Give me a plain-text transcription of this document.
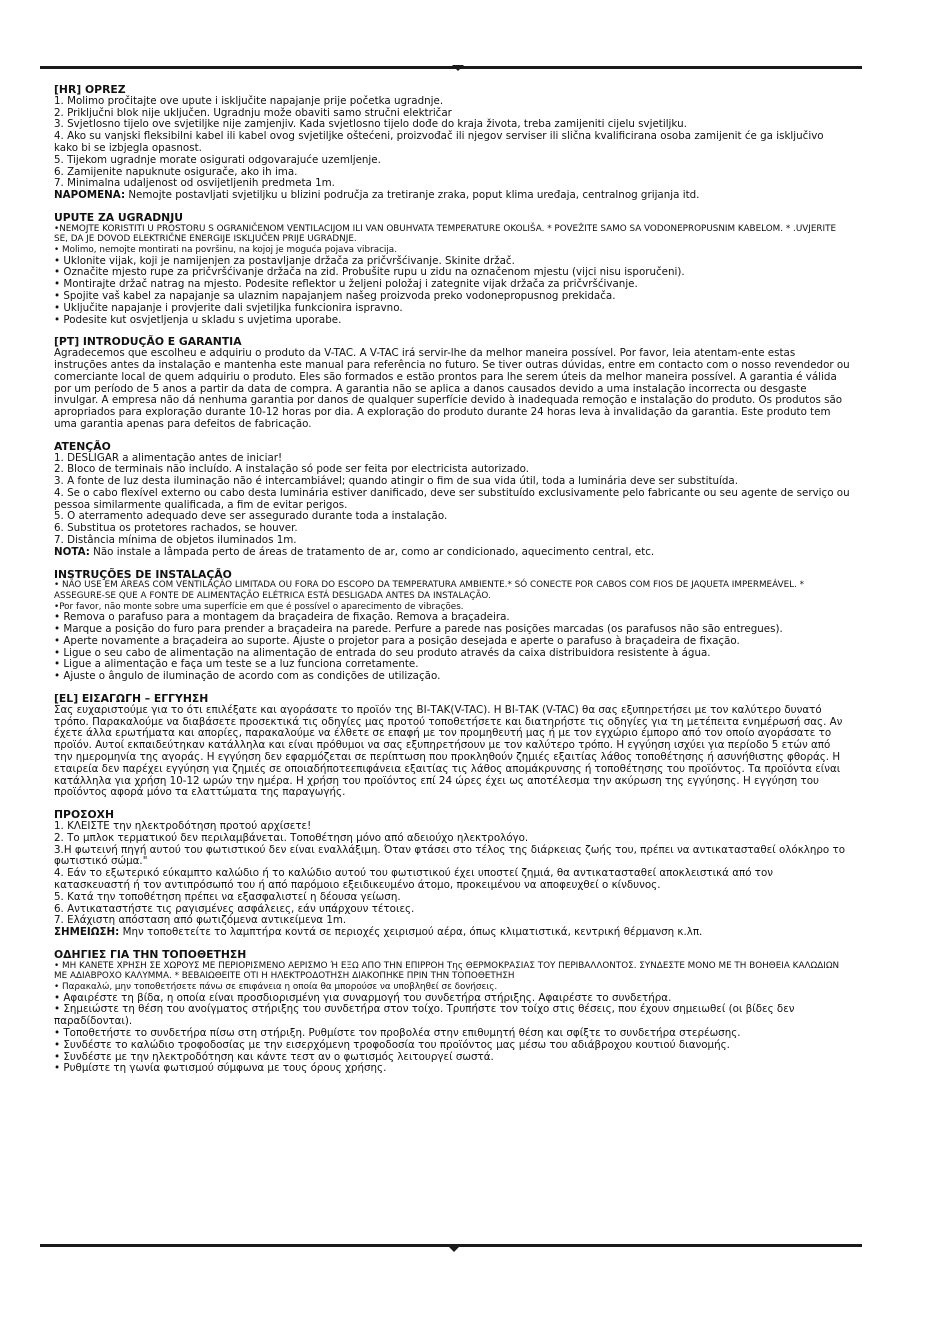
[HR] OPREZ

1. Molimo pročitajte ove upute i isključite napajanje prije početka ugradnje.

2. Priključni blok nije uključen. Ugradnju može obaviti samo stručni električar

3. Svjetlosno tijelo ove svjetiljke nije zamjenjiv. Kada svjetlosno tijelo dođe do kraja života, treba zamijeniti cijelu svjetiljku.

4. Ako su vanjski fleksibilni kabel ili kabel ovog svjetiljke oštećeni, proizvođač ili njegov serviser ili slična kvalificirana osoba zamijenit će ga isključivo kako bi se izbjegla opasnost.

5. Tijekom ugradnje morate osigurati odgovarajuće uzemljenje.

6. Zamijenite napuknute osigurače, ako ih ima.

7. Minimalna udaljenost od osvijetljenih predmeta 1m.

NAPOMENA: Nemojte postavljati svjetiljku u blizini područja za tretiranje zraka, poput klima uređaja, centralnog grijanja itd.

UPUTE ZA UGRADNJU

•NEMOJTE KORISTITI U PROSTORU S OGRANIČENOM VENTILACIJOM ILI VAN OBUHVATA TEMPERATURE OKOLIŠA. * POVEŽITE SAMO SA VODONEPROPUSNIM KABELOM. * .UVJERITE SE, DA JE DOVOD ELEKTRIČNE ENERGIJE ISKLJUČEN PRIJE UGRADNJE.

• Molimo, nemojte montirati na površinu, na kojoj je moguća pojava vibracija.

• Uklonite vijak, koji je namijenjen za postavljanje držača za pričvršćivanje. Skinite držač.

• Označite mjesto rupe za pričvršćivanje držača na zid. Probušite rupu u zidu na označenom mjestu (vijci nisu isporučeni).

• Montirajte držač natrag na mjesto. Podesite reflektor u željeni položaj i zategnite vijak držača za pričvršćivanje.

• Spojite vaš kabel za napajanje sa ulaznim napajanjem našeg proizvoda preko vodonepropusnog prekidača.

• Uključite napajanje i provjerite dali svjetiljka funkcionira ispravno.

• Podesite kut osvjetljenja u skladu s uvjetima uporabe.

[PT] INTRODUÇÃO E GARANTIA

Agradecemos que escolheu e adquiriu o produto da V-TAC. A V-TAC irá servir-lhe da melhor maneira possível. Por favor, leia atentam-ente estas instruções antes da instalação e mantenha este manual para referência no futuro. Se tiver outras dúvidas, entre em contacto com o nosso revendedor ou comerciante local de quem adquiriu o produto. Eles são formados e estão prontos para lhe serem úteis da melhor maneira possível. A garantia é válida por um período de 5 anos a partir da data de compra. A garantia não se aplica a danos causados devido a uma instalação incorrecta ou desgaste invulgar. A empresa não dá nenhuma garantia por danos de qualquer superfície devido à inadequada remoção e instalação do produto. Os produtos são apropriados para exploração durante 10-12 horas por dia. A exploração do produto durante 24 horas leva à invalidação da garantia. Este produto tem uma garantia apenas para defeitos de fabricação.

ATENÇÃO

1. DESLIGAR a alimentação antes de iniciar!

2. Bloco de terminais não incluído. A instalação só pode ser feita por electricista autorizado.

3. A fonte de luz desta iluminação não é intercambiável; quando atingir o fim de sua vida útil, toda a luminária deve ser substituída.

4. Se o cabo flexível externo ou cabo desta luminária estiver danificado, deve ser substituído exclusivamente pelo fabricante ou seu agente de serviço ou pessoa similarmente qualificada, a fim de evitar perigos.

5. O aterramento adequado deve ser assegurado durante toda a instalação.

6. Substitua os protetores rachados, se houver.

7. Distância mínima de objetos iluminados 1m.

NOTA: Não instale a lâmpada perto de áreas de tratamento de ar, como ar condicionado, aquecimento central, etc.

INSTRUÇÕES DE INSTALAÇÃO

• NÃO USE EM ÁREAS COM VENTILAÇÃO LIMITADA OU FORA DO ESCOPO DA TEMPERATURA AMBIENTE.* SÓ CONECTE POR CABOS COM FIOS DE JAQUETA IMPERMEÁVEL. * ASSEGURE-SE QUE A FONTE DE ALIMENTAÇÃO ELÉTRICA ESTÁ DESLIGADA ANTES DA INSTALAÇÃO.

•Por favor, não monte sobre uma superfície em que é possível o aparecimento de vibrações.

• Remova o parafuso para a montagem da braçadeira de fixação. Remova a braçadeira.

• Marque a posição do furo para prender a braçadeira na parede. Perfure a parede nas posições marcadas (os parafusos não são entregues).

• Aperte novamente a braçadeira ao suporte. Ajuste o projetor para a posição desejada e aperte o parafuso à braçadeira de fixação.

• Ligue o seu cabo de alimentação na alimentação de entrada do seu produto através da caixa distribuidora resistente à água.

• Ligue a alimentação e faça um teste se a luz funciona corretamente.

• Ajuste o ângulo de iluminação de acordo com as condições de utilização.

[EL] ΕΙΣΑΓΩΓΗ – ΕΓΓΥΗΣΗ

Σας ευχαριστούμε για το ότι επιλέξατε και αγοράσατε το προϊόν της ΒΙ-ΤΑΚ(V-TAC). Η ΒΙ-ΤΑΚ (V-TAC) θα σας εξυπηρετήσει με τον καλύτερο δυνατό τρόπο. Παρακαλούμε να διαβάσετε προσεκτικά τις οδηγίες μας προτού τοποθετήσετε και διατηρήστε τις οδηγίες για τη μετέπειτα ενημέρωσή σας. Αν έχετε άλλα ερωτήματα και απορίες, παρακαλούμε να έλθετε σε επαφή με τον προμηθευτή μας ή με τον εγχώριο έμπορο από τον οποίο αγοράσατε το προϊόν. Αυτοί εκπαιδεύτηκαν κατάλληλα και είναι πρόθυμοι να σας εξυπηρετήσουν με τον καλύτερο τρόπο. Η εγγύηση ισχύει για περίοδο 5 ετών από την ημερομηνία της αγοράς. Η εγγύηση δεν εφαρμόζεται σε περίπτωση που προκληθούν ζημιές εξαιτίας λάθος τοποθέτησης ή ασυνήθιστης φθοράς. Η εταιρεία δεν παρέχει εγγύηση για ζημιές σε οποιαδήποτεεπιφάνεια εξαιτίας τις λάθος απομάκρυνσης ή τοποθέτησης του προϊόντος. Τα προϊόντα είναι κατάλληλα για χρήση 10-12 ωρών την ημέρα. Η χρήση του προϊόντος επί 24 ώρες έχει ως αποτέλεσμα την ακύρωση της εγγύησης. Η εγγύηση του προϊόντος αφορά μόνο τα ελαττώματα της παραγωγής.

ΠΡΟΣΟΧΗ

1. ΚΛΕΙΣΤΕ την ηλεκτροδότηση προτού αρχίσετε!

2. Το μπλοκ τερματικού δεν περιλαμβάνεται. Τοποθέτηση μόνο από αδειούχο ηλεκτρολόγο.

3.Η φωτεινή πηγή αυτού του φωτιστικού δεν είναι εναλλάξιμη. Όταν φτάσει στο τέλος της διάρκειας ζωής του, πρέπει να αντικατασταθεί ολόκληρο το φωτιστικό σώμα."

4. Εάν το εξωτερικό εύκαμπτο καλώδιο ή το καλώδιο αυτού του φωτιστικού έχει υποστεί ζημιά, θα αντικατασταθεί αποκλειστικά από τον κατασκευαστή ή τον αντιπρόσωπό του ή από παρόμοιο εξειδικευμένο άτομο, προκειμένου να αποφευχθεί ο κίνδυνος.

5. Κατά την τοποθέτηση πρέπει να εξασφαλιστεί η δέουσα γείωση.

6. Αντικαταστήστε τις ραγισμένες ασφάλειες, εάν υπάρχουν τέτοιες.

7. Ελάχιστη απόσταση από φωτιζόμενα αντικείμενα 1m.

ΣΗΜΕΙΩΣΗ: Μην τοποθετείτε το λαμπτήρα κοντά σε περιοχές χειρισμού αέρα, όπως κλιματιστικά, κεντρική θέρμανση κ.λπ.

ΟΔΗΓΙΕΣ ΓΙΑ ΤΗΝ ΤΟΠΟΘΕΤΗΣΗ

• ΜΗ ΚΑΝΕΤΕ ΧΡΗΣΗ ΣΕ ΧΩΡΟΥΣ ΜΕ ΠΕΡΙΟΡΙΣΜΕΝΟ ΑΕΡΙΣΜΟ Ή ΕΞΩ ΑΠΟ ΤΗΝ ΕΠΙΡΡΟΗ Της ΘΕΡΜΟΚΡΑΣΙΑΣ ΤΟΥ ΠΕΡΙΒΑΛΛΟΝΤΟΣ. ΣΥΝΔΕΣΤΕ ΜΟΝΟ ΜΕ ΤΗ ΒΟΗΘΕΙΑ ΚΑΛΩΔΙΩΝ ΜΕ ΑΔΙΑΒΡΟΧΟ ΚΑΛΥΜΜΑ. * ΒΕΒΑΙΩΘΕΙΤΕ ΟΤΙ Η ΗΛΕΚΤΡΟΔΟΤΗΣΗ ΔΙΑΚΟΠΗΚΕ ΠΡΙΝ ΤΗΝ ΤΟΠΟΘΕΤΗΣΗ

• Παρακαλώ, μην τοποθετήσετε πάνω σε επιφάνεια η οποία θα μπορούσε να υποβληθεί σε δονήσεις.

• Αφαιρέστε τη βίδα, η οποία είναι προσδιορισμένη για συναρμογή του συνδετήρα στήριξης. Αφαιρέστε το συνδετήρα.

• Σημειώστε τη θέση του ανοίγματος στήριξης του συνδετήρα στον τοίχο. Τρυπήστε τον τοίχο στις θέσεις, που έχουν σημειωθεί (οι βίδες δεν παραδίδονται).

• Τοποθετήστε το συνδετήρα πίσω στη στήριξη. Ρυθμίστε τον προβολέα στην επιθυμητή θέση και σφίξτε το συνδετήρα στερέωσης.

• Συνδέστε το καλώδιο τροφοδοσίας με την εισερχόμενη τροφοδοσία του προϊόντος μας μέσω του αδιάβροχου κουτιού διανομής.

• Συνδέστε με την ηλεκτροδότηση και κάντε τεστ αν ο φωτισμός λειτουργεί σωστά.

• Ρυθμίστε τη γωνία φωτισμού σύμφωνα με τους όρους χρήσης.
